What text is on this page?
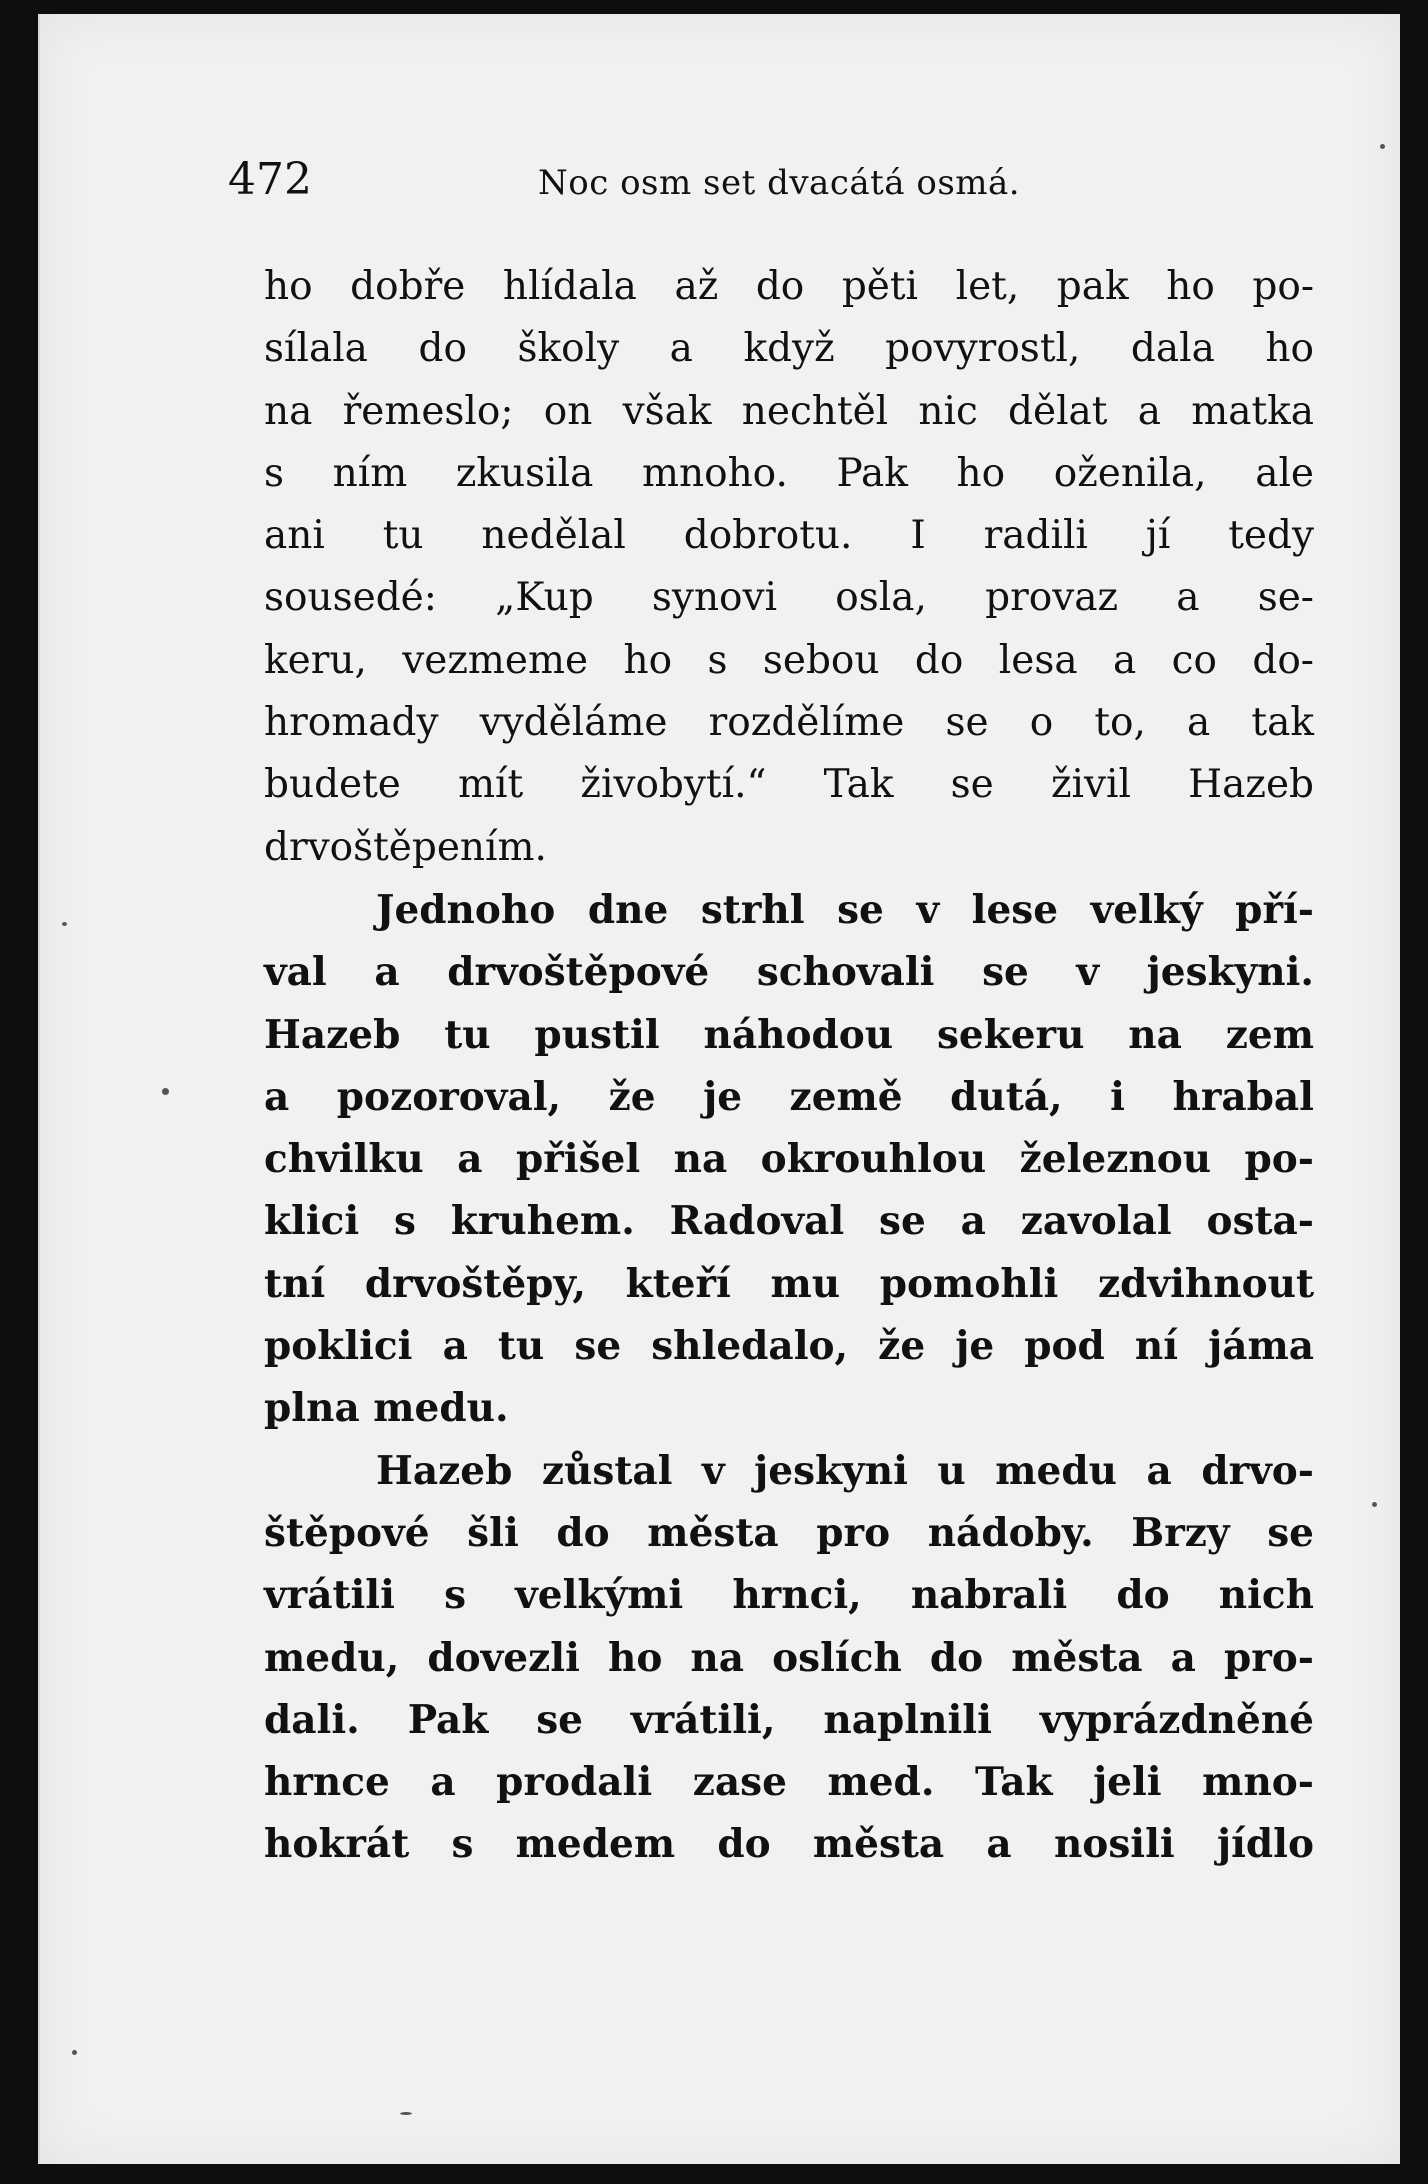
472	Noc osm set dvacátá osmá.
ho dobře hlídala až do pěti let, pak ho po-
sílala do školy a když povyrostl, dala ho
na řemeslo; on však nechtěl nic dělat a matka
s ním zkusila mnoho. Pak ho oženila, ale
ani tu nedělal dobrotu. I radili jí tedy
sousedé: „Kup synovi osla, provaz a se-
keru, vezmeme ho s sebou do lesa a co do-
hromady vyděláme rozdělíme se o to, a tak
budete mít živobytí.“ Tak se živil Hazeb
drvoštěpením.
Jednoho dne strhl se v lese velký pří-
val a drvoštěpové schovali se v jeskyni.
Hazeb tu pustil náhodou sekeru na zem
a pozoroval, že je země dutá, i hrabal
chvilku a přišel na okrouhlou železnou po-
klici s kruhem. Radoval se a zavolal osta-
tní drvoštěpy, kteří mu pomohli zdvihnout
poklici a tu se shledalo, že je pod ní jáma
plna medu.
Hazeb zůstal v jeskyni u medu a drvo-
štěpové šli do města pro nádoby. Brzy se
vrátili s velkými hrnci, nabrali do nich
medu, dovezli ho na oslích do města a pro-
dali. Pak se vrátili, naplnili vyprázdněné
hrnce a prodali zase med. Tak jeli mno-
hokrát s medem do města a nosili jídlo
